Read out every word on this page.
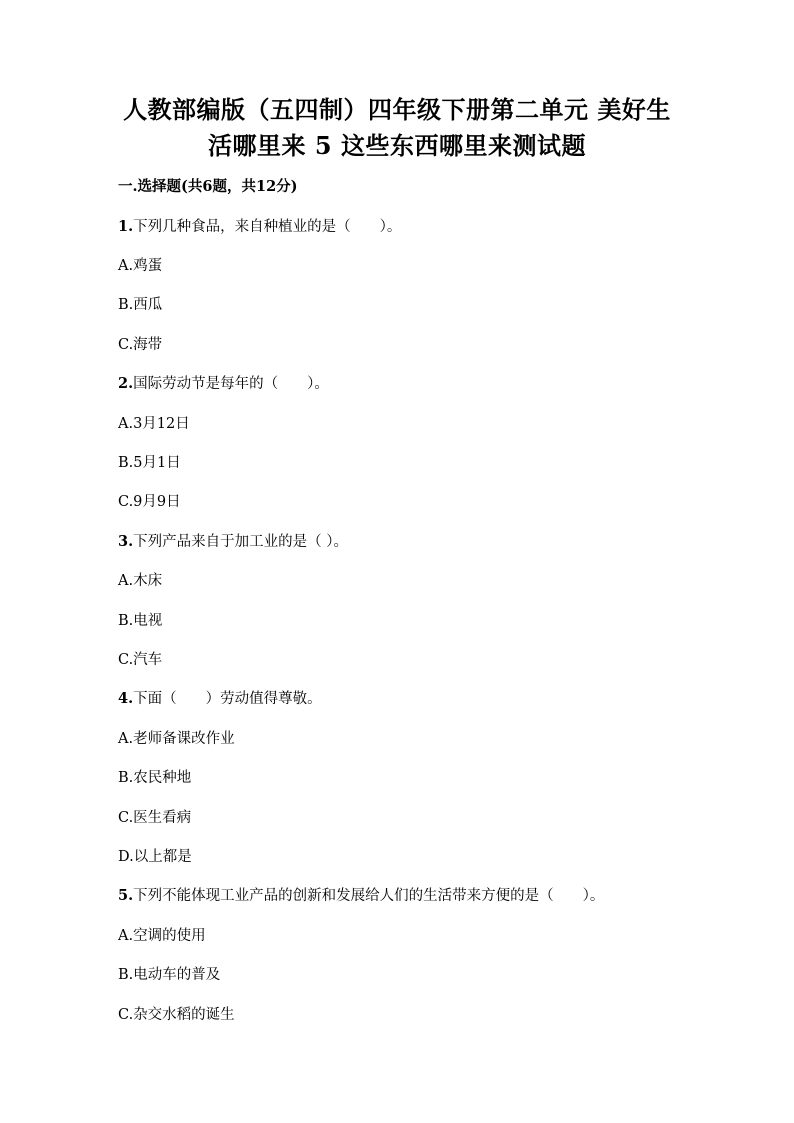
人教部编版（五四制）四年级下册第二单元 美好生
活哪里来 5 这些东西哪里来测试题
一.选择题(共6题，共12分)
1.下列几种食品，来自种植业的是（　　）。
A.鸡蛋
B.西瓜
C.海带
2.国际劳动节是每年的（　　）。
A.3月12日
B.5月1日
C.9月9日
3.下列产品来自于加工业的是（ ）。
A.木床
B.电视
C.汽车
4.下面（　　）劳动值得尊敬。
A.老师备课改作业
B.农民种地
C.医生看病
D.以上都是
5.下列不能体现工业产品的创新和发展给人们的生活带来方便的是（　　）。
A.空调的使用
B.电动车的普及
C.杂交水稻的诞生
